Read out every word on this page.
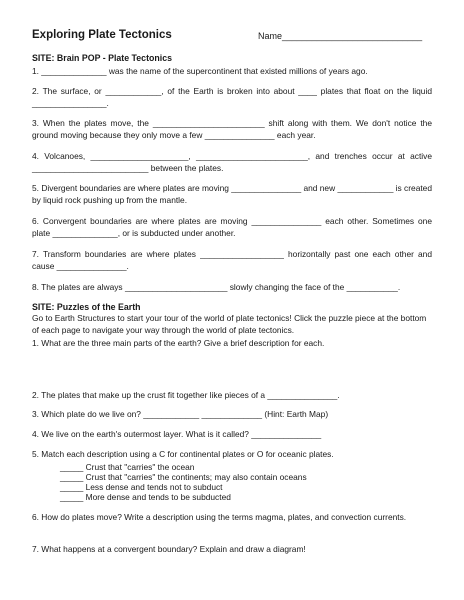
Exploring Plate Tectonics	Name____________________________
SITE: Brain POP - Plate Tectonics

1. ______________ was the name of the supercontinent that existed millions of years ago.

2. The surface, or ____________, of the Earth is broken into about ____ plates that float on the liquid ________________.

3. When the plates move, the ________________________ shift along with them. We don't notice the ground moving because they only move a few _______________ each year.

4. Volcanoes, _____________________, ________________________, and trenches occur at active _________________________ between the plates.

5. Divergent boundaries are where plates are moving _______________ and new ____________ is created by liquid rock pushing up from the mantle.

6. Convergent boundaries are where plates are moving _______________ each other. Sometimes one plate ______________, or is subducted under another.

7. Transform boundaries are where plates __________________ horizontally past one each other and cause _______________.

8. The plates are always ______________________ slowly changing the face of the ___________.

SITE: Puzzles of the Earth

Go to Earth Structures to start your tour of the world of plate tectonics! Click the puzzle piece at the bottom of each page to navigate your way through the world of plate tectonics.

1. What are the three main parts of the earth? Give a brief description for each.

2. The plates that make up the crust fit together like pieces of a _______________.

3. Which plate do we live on? ____________ _____________ (Hint: Earth Map)

4. We live on the earth's outermost layer. What is it called? _______________

5. Match each description using a C for continental plates or O for oceanic plates.

_____ Crust that "carries" the ocean

_____ Crust that "carries" the continents; may also contain oceans

_____ Less dense and tends not to subduct

_____ More dense and tends to be subducted

6. How do plates move? Write a description using the terms magma, plates, and convection currents.

7. What happens at a convergent boundary? Explain and draw a diagram!
